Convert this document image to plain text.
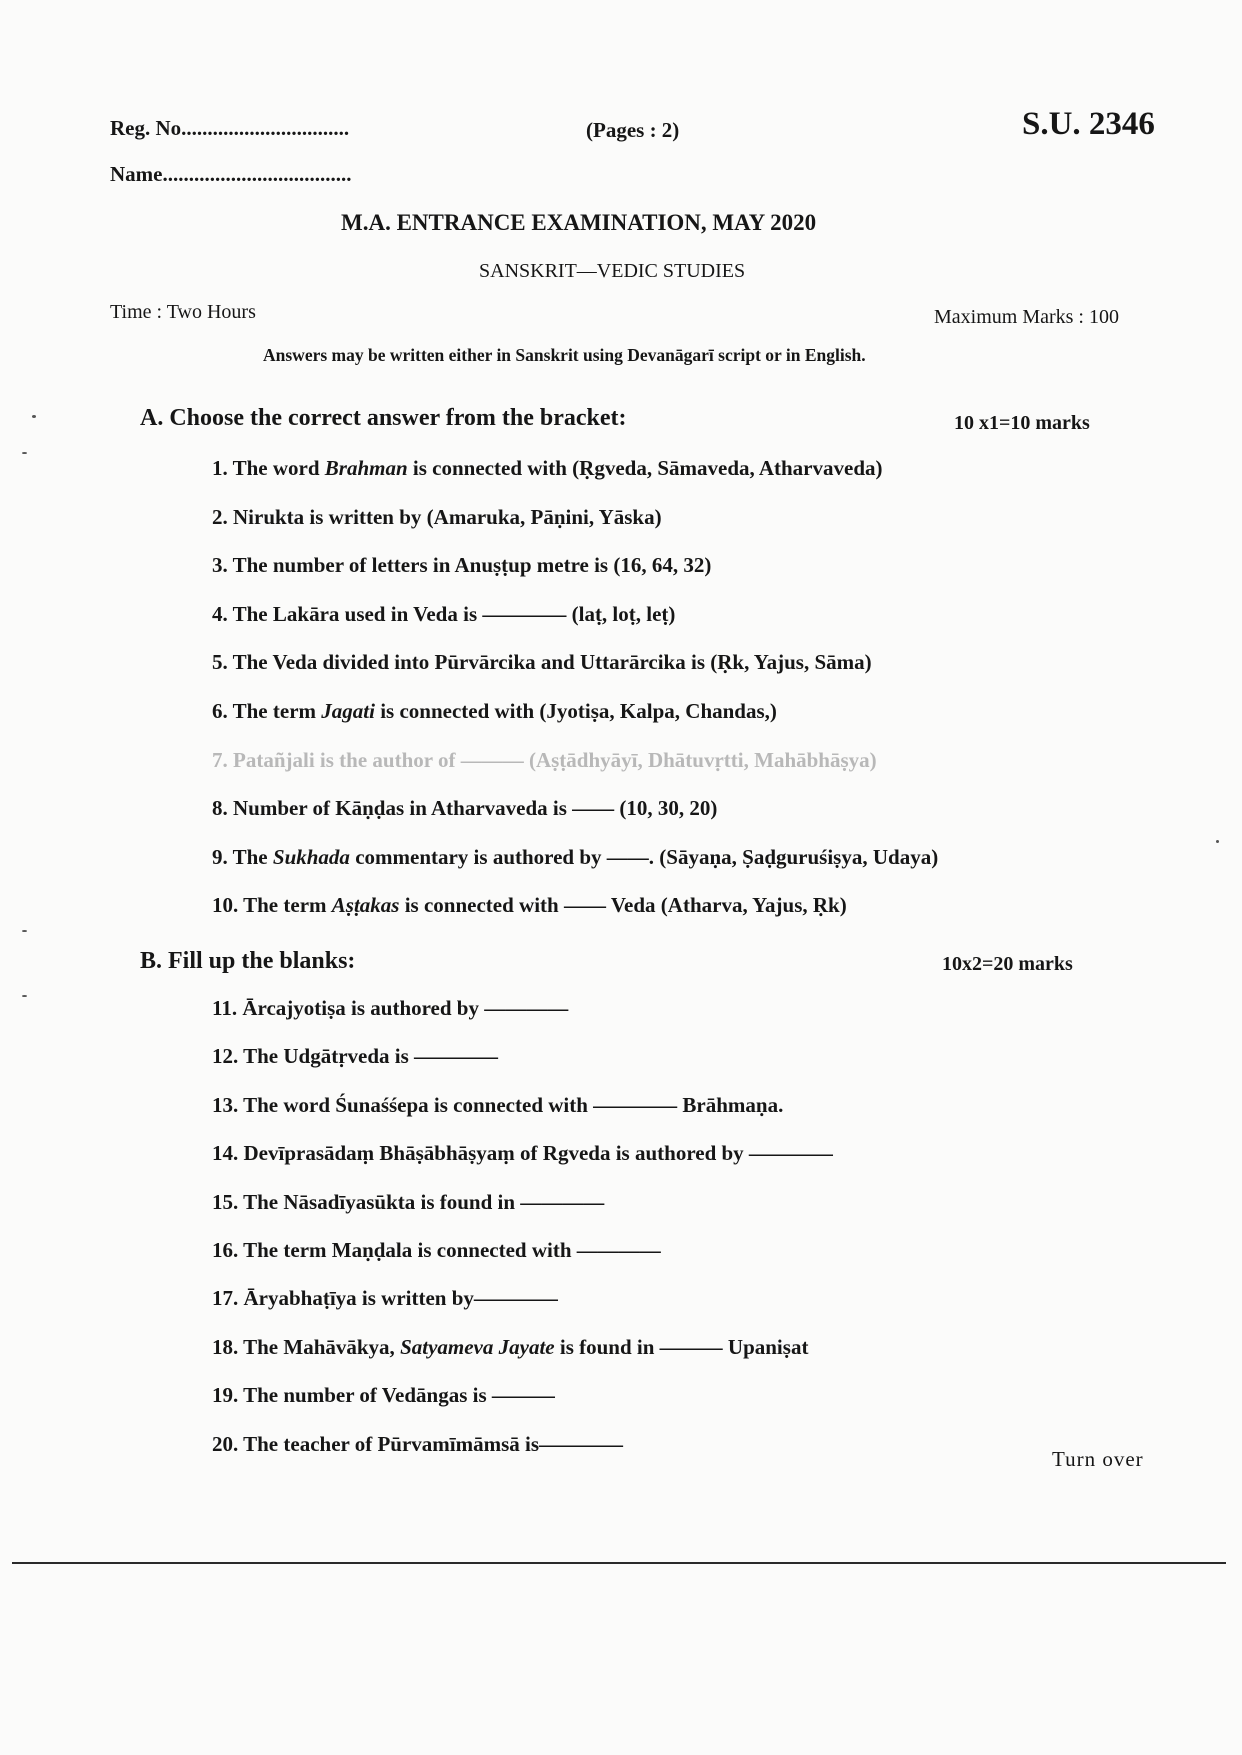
Reg. No................................
Name....................................
(Pages : 2)	S.U. 2346
M.A. ENTRANCE EXAMINATION, MAY 2020
SANSKRIT—VEDIC STUDIES
Time : Two Hours	Maximum Marks : 100
Answers may be written either in Sanskrit using Devanāgarī script or in English.
A. Choose the correct answer from the bracket:	10 x1=10 marks
1. The word Brahman is connected with (Ṛgveda, Sāmaveda, Atharvaveda)
2. Nirukta is written by (Amaruka, Pāṇini, Yāska)
3. The number of letters in Anuṣṭup metre is (16, 64, 32)
4. The Lakāra used in Veda is ———— (laṭ, loṭ, leṭ)
5. The Veda divided into Pūrvārcika and Uttarārcika is (Ṛk, Yajus, Sāma)
6. The term Jagati is connected with (Jyotiṣa, Kalpa, Chandas,)
7. Patañjali is the author of ——— (Aṣṭādhyāyī, Dhātuvṛtti, Mahābhāṣya)
8. Number of Kāṇḍas in Atharvaveda is —— (10, 30, 20)
9. The Sukhada commentary is authored by ——. (Sāyaṇa, Ṣaḍguruśiṣya, Udaya)
10. The term Aṣṭakas is connected with —— Veda (Atharva, Yajus, Ṛk)
B. Fill up the blanks:	10x2=20 marks
11. Ārcajyotiṣa is authored by ————
12. The Udgātṛveda is ————
13. The word Śunaśśepa is connected with ———— Brāhmaṇa.
14. Devīprasādaṃ Bhāṣābhāṣyaṃ of Rgveda is authored by ————
15. The Nāsadīyasūkta is found in ————
16. The term Maṇḍala is connected with ————
17. Āryabhaṭīya is written by————
18. The Mahāvākya, Satyameva Jayate is found in ——— Upaniṣat
19. The number of Vedāngas is ———
20. The teacher of Pūrvamīmāmsā is————
Turn over
